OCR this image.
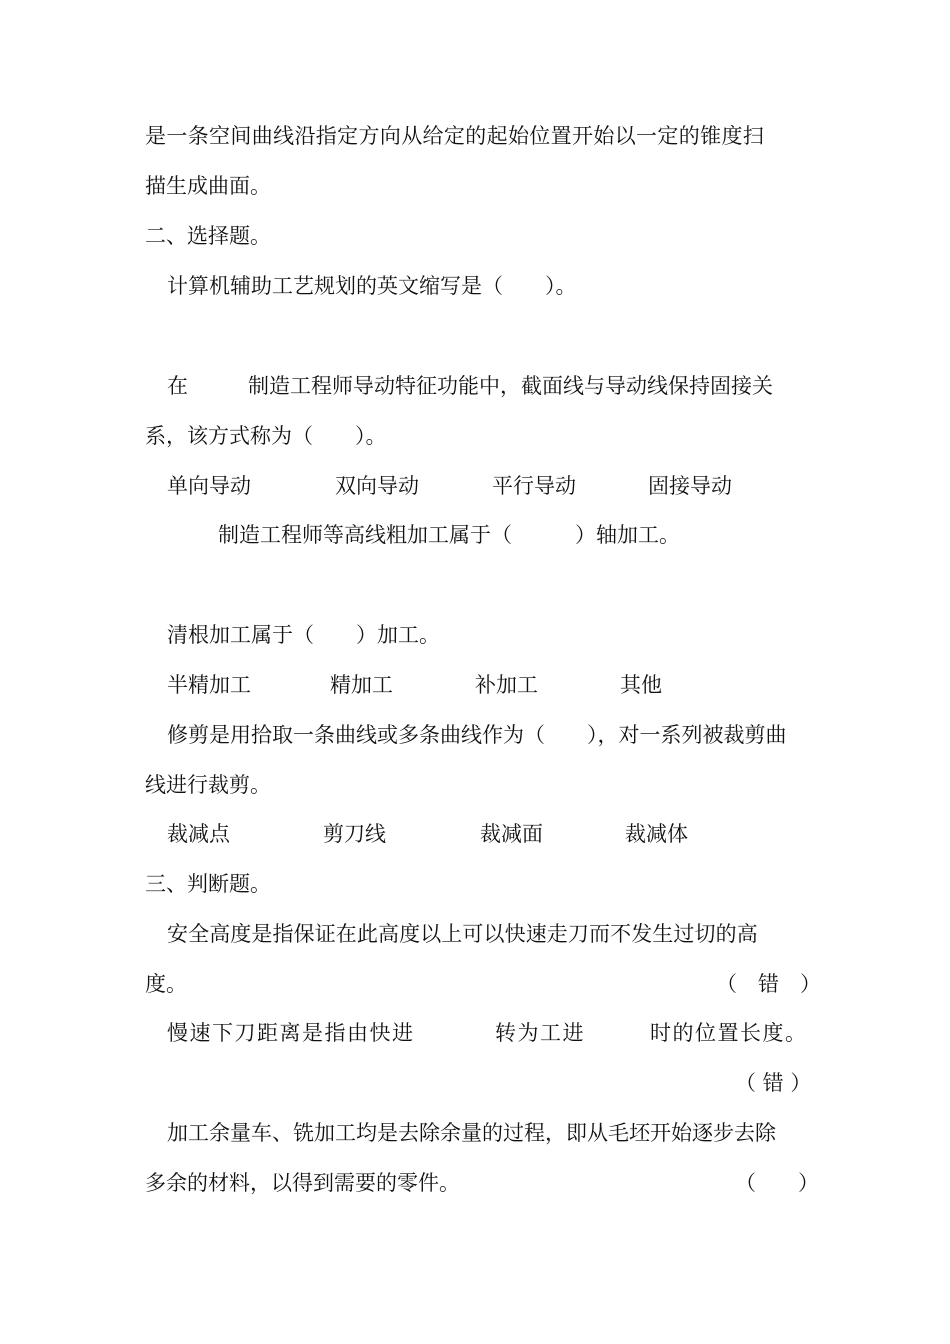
是一条空间曲线沿指定方向从给定的起始位置开始以一定的锥度扫
描生成曲面。
二、选择题。
计算机辅助工艺规划的英文缩写是（　　）。
在	制造工程师导动特征功能中，截面线与导动线保持固接关
系，该方式称为（　　）。
单向导动	双向导动	平行导动	固接导动
制造工程师等高线粗加工属于（　　　）轴加工。
清根加工属于（　　）加工。
半精加工	精加工	补加工	其他
修剪是用拾取一条曲线或多条曲线作为（　　），对一系列被裁剪曲
线进行裁剪。
裁减点	剪刀线	裁减面	裁减体
三、判断题。
安全高度是指保证在此高度以上可以快速走刀而不发生过切的高
度。	（　错　）
慢速下刀距离是指由快进	转为工进	时的位置长度。
（ 错 ）
加工余量车、铣加工均是去除余量的过程，即从毛坯开始逐步去除
多余的材料，以得到需要的零件。	（　　）
